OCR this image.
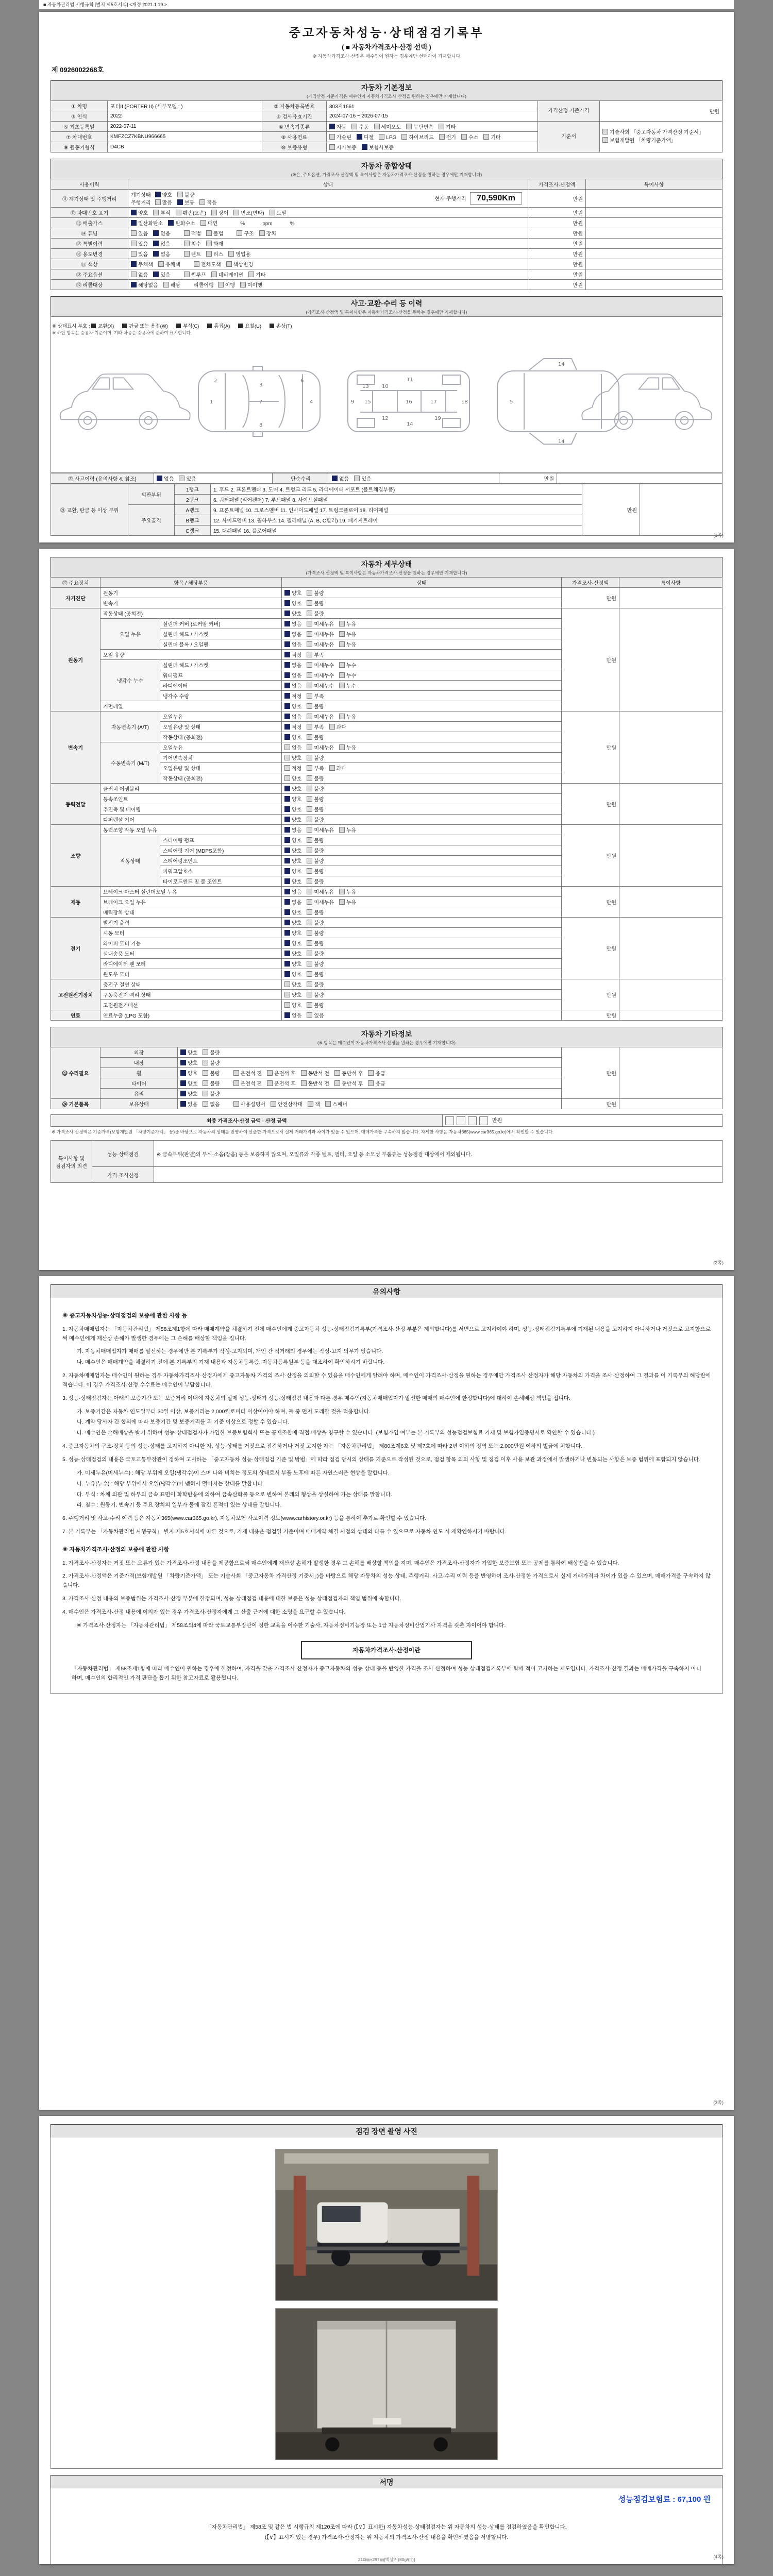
■ 자동차관리법 시행규칙 [별지 제5호서식] <개정 2021.1.19.>
중고자동차성능·상태점검기록부
( ■ 자동차가격조사·산정 선택 )
※ 자동차가격조사·산정은 매수인이 원하는 경우에만 선택하여 기재합니다
제 0926002268호
자동차 기본정보
(가격산정 기준가격은 매수인이 자동차가격조사·산정을 원하는 경우에만 기재합니다)
① 차명	포터II (PORTER II) (세부모델 : )	② 자동차등록번호	803저1661	가격산정 기준가격	만원
③ 연식	2022	④ 검사유효기간	2024-07-16 ~ 2026-07-15		
⑤ 최초등록일	2022-07-11	⑥ 변속기종류	자동 수동 세미오토 무단변속 기타	기준서	기술사회 「중고자동차 가격산정 기준서」보험개발원 「차량기준가액」
⑦ 차대번호	KMFZCZ7KBNU966665	⑧ 사용연료	가솔린 디젤 LPG 하이브리드 전기 수소 기타		
⑨ 원동기형식	D4CB	⑩ 보증유형	자가보증 보험사보증		
자동차 종합상태
(※은, 주요옵션, 가격조사·산정액 및 특이사항은 자동차가격조사·산정을 원하는 경우에만 기재합니다)
사용이력	상태	가격조사·산정액	특이사항
⑪ 계기상태 및 주행거리	계기상태 양호 불량
주행거리 많음 보통 적음
현재 주행거리 70,590Km	만원	
⑫ 차대번호 표기	양호 부식 훼손(오손) 상이 변조(변타) 도말	만원	
⑬ 배출가스	일산화탄소 탄화수소 매연 % ppm %	만원	
⑭ 튜닝	있음 없음 적법 불법 구조 장치	만원	
⑮ 특별이력	있음 없음 침수 화재	만원	
⑯ 용도변경	있음 없음 렌트 리스 영업용	만원	
⑰ 색상	무채색 유채색 전체도색 색상변경	만원	
⑱ 주요옵션	없음 있음 썬루프 네비게이션 기타	만원	
⑲ 리콜대상	해당없음 해당 리콜이행 이행 미이행	만원	
사고·교환·수리 등 이력
(가격조사·산정액 및 특이사항은 자동차가격조사·산정을 원하는 경우에만 기재합니다)
※ 상태표시 부호 : 교환(X)	판금 또는 용접(W)	부식(C)	흠집(A)	요철(U)	손상(T)
※ 하단 항목은 승용차 기준이며, 기타 차종은 승용차에 준하여 표시합니다.
1
2
3
4
6
7
8
9
10
11
12
13
14
15	16	17	18
19
5
14
14
⑳ 사고이력 (유의사항 4. 참조)	없음 있음	단순수리	없음 있음	만원	
㉑ 교환, 판금 등 이상 부위	외판부위	1랭크	1. 후드 2. 프론트펜더 3. 도어 4. 트렁크 리드 5. 라디에이터 서포트 (볼트체결부품)	만원	
		2랭크	6. 쿼터패널 (리어펜더) 7. 루프패널 8. 사이드실패널		
	주요골격	A랭크	9. 프론트패널 10. 크로스멤버 11. 인사이드패널 17. 트렁크플로어 18. 리어패널		
		B랭크	12. 사이드멤버 13. 휠하우스 14. 필러패널 (A, B, C필러) 19. 패키지트레이		
		C랭크	15. 대쉬패널 16. 플로어패널		
(1쪽)
자동차 세부상태
(가격조사·산정액 및 특이사항은 자동차가격조사·산정을 원하는 경우에만 기재합니다)
㉒ 주요장치	항목 / 해당부품		상태	가격조사·산정액	특이사항
자기진단	원동기		양호 불량	만원	
	변속기		양호 불량		
원동기	작동상태 (공회전)		양호 불량	만원	
	오일 누유	실린더 커버 (로커암 커버)	없음 미세누유 누유		
		실린더 헤드 / 가스켓	없음 미세누유 누유		
		실린더 블록 / 오일팬	없음 미세누유 누유		
	오일 유량		적정 부족		
	냉각수 누수	실린더 헤드 / 가스켓	없음 미세누수 누수		
		워터펌프	없음 미세누수 누수		
		라디에이터	없음 미세누수 누수		
		냉각수 수량	적정 부족		
	커먼레일		양호 불량		
변속기	자동변속기 (A/T)	오일누유	없음 미세누유 누유	만원	
		오일유량 및 상태	적정 부족 과다		
		작동상태 (공회전)	양호 불량		
	수동변속기 (M/T)	오일누유	없음 미세누유 누유		
		기어변속장치	양호 불량		
		오일유량 및 상태	적정 부족 과다		
		작동상태 (공회전)	양호 불량		
동력전달	클러치 어셈블리		양호 불량	만원	
	등속조인트		양호 불량		
	추진축 및 베어링		양호 불량		
	디퍼렌셜 기어		양호 불량		
조향	동력조향 작동 오일 누유		없음 미세누유 누유	만원	
	작동상태	스티어링 펌프	양호 불량		
		스티어링 기어 (MDPS포함)	양호 불량		
		스티어링조인트	양호 불량		
		파워고압호스	양호 불량		
		타이로드엔드 및 볼 조인트	양호 불량		
제동	브레이크 마스터 실린더오일 누유		없음 미세누유 누유	만원	
	브레이크 오일 누유		없음 미세누유 누유		
	배력장치 상태		양호 불량		
전기	발전기 출력		양호 불량	만원	
	시동 모터		양호 불량		
	와이퍼 모터 기능		양호 불량		
	실내송풍 모터		양호 불량		
	라디에이터 팬 모터		양호 불량		
	윈도우 모터		양호 불량		
고전원전기장치	충전구 절연 상태		양호 불량	만원	
	구동축전지 격리 상태		양호 불량		
	고전원전기배선		양호 불량		
연료	연료누출 (LPG 포함)		없음 있음	만원	
자동차 기타정보
(※ 항목은 매수인이 자동차가격조사·산정을 원하는 경우에만 기재합니다)
㉓ 수리필요	외장	양호 불량	만원	
	내장	양호 불량		
	휠	양호 불량 운전석 전 운전석 후 동반석 전 동반석 후 응급		
	타이어	양호 불량 운전석 전 운전석 후 동반석 전 동반석 후 응급		
	유리	양호 불량		
㉔ 기본품목	보유상태	있음 없음 사용설명서 안전삼각대 잭 스패너	만원	
최종 가격조사·산정 금액 · 산정 금액	만원
※ 가격조사·산정액은 기준가격(보험개발원 「차량기준가액」 등)을 바탕으로 자동차의 상태를 반영하여 산출한 가격으로서 실제 거래가격과 차이가 있을 수 있으며, 매매가격을 구속하지 않습니다. 자세한 사항은 자동차365(www.car365.go.kr)에서 확인할 수 있습니다.
특이사항 및 점검자의 의견	성능·상태점검	※ 금속부위(판넬)의 부식·소음(잡음) 등은 보증하지 않으며, 오일류와 각종 벨트, 필터, 오일 등 소모성 부품류는 성능점검 대상에서 제외됩니다.
	가격·조사산정	
(2쪽)
유의사항
※ 중고자동차성능·상태점검의 보증에 관한 사항 등
1. 자동차매매업자는 「자동차관리법」 제58조제1항에 따라 매매계약을 체결하기 전에 매수인에게 중고자동차 성능·상태점검기록부(가격조사·산정 부분은 제외합니다)를 서면으로 고지하여야 하며, 성능·상태점검기록부에 기재된 내용을 고지하지 아니하거나 거짓으로 고지함으로써 매수인에게 재산상 손해가 발생한 경우에는 그 손해를 배상할 책임을 집니다.
가. 자동차매매업자가 매매를 알선하는 경우에만 본 기록부가 작성·고지되며, 개인 간 직거래의 경우에는 작성·고지 의무가 없습니다.
나. 매수인은 매매계약을 체결하기 전에 본 기록부의 기재 내용과 자동차등록증, 자동차등록원부 등을 대조하여 확인하시기 바랍니다.
2. 자동차매매업자는 매수인이 원하는 경우 자동차가격조사·산정자에게 중고자동차 가격의 조사·산정을 의뢰할 수 있음을 매수인에게 알려야 하며, 매수인이 가격조사·산정을 원하는 경우에만 가격조사·산정자가 해당 자동차의 가격을 조사·산정하여 그 결과를 이 기록부의 해당란에 적습니다. 이 경우 가격조사·산정 수수료는 매수인이 부담합니다.
3. 성능·상태점검자는 아래의 보증기간 또는 보증거리 이내에 자동차의 실제 성능·상태가 성능·상태점검 내용과 다른 경우 매수인(자동차매매업자가 알선한 매매의 매수인에 한정합니다)에 대하여 손해배상 책임을 집니다.
가. 보증기간은 자동차 인도일부터 30일 이상, 보증거리는 2,000킬로미터 이상이어야 하며, 둘 중 먼저 도래한 것을 적용합니다.
나. 계약 당사자 간 합의에 따라 보증기간 및 보증거리를 위 기준 이상으로 정할 수 있습니다.
다. 매수인은 손해배상을 받기 위하여 성능·상태점검자가 가입한 보증보험회사 또는 공제조합에 직접 배상을 청구할 수 있습니다. (보험가입 여부는 본 기록부의 성능점검보험료 기재 및 보험가입증명서로 확인할 수 있습니다.)
4. 중고자동차의 구조·장치 등의 성능·상태를 고지하지 아니한 자, 성능·상태를 거짓으로 점검하거나 거짓 고지한 자는 「자동차관리법」 제80조제6호 및 제7호에 따라 2년 이하의 징역 또는 2,000만원 이하의 벌금에 처합니다.
5. 성능·상태점검의 내용은 국토교통부장관이 정하여 고시하는 「중고자동차 성능·상태점검 기준 및 방법」에 따라 점검 당시의 상태를 기준으로 작성된 것으로, 점검 항목 외의 사항 및 점검 이후 사용·보관 과정에서 발생하거나 변동되는 사항은 보증 범위에 포함되지 않습니다.
가. 미세누유(미세누수) : 해당 부위에 오일(냉각수)이 스며 나와 비치는 정도의 상태로서 부품 노후에 따른 자연스러운 현상을 말합니다.
나. 누유(누수) : 해당 부위에서 오일(냉각수)이 맺혀서 떨어지는 상태를 말합니다.
다. 부식 : 차체 외판 및 하부의 금속 표면이 화학반응에 의하여 금속산화물 등으로 변하여 본래의 형상을 상실하여 가는 상태를 말합니다.
라. 침수 : 원동기, 변속기 등 주요 장치의 일부가 물에 잠긴 흔적이 있는 상태를 말합니다.
6. 주행거리 및 사고·수리 이력 등은 자동차365(www.car365.go.kr), 자동차보험 사고이력 정보(www.carhistory.or.kr) 등을 통하여 추가로 확인할 수 있습니다.
7. 본 기록부는 「자동차관리법 시행규칙」 별지 제5호서식에 따른 것으로, 기재 내용은 점검일 기준이며 매매계약 체결 시점의 상태와 다를 수 있으므로 자동차 인도 시 재확인하시기 바랍니다.
※ 자동차가격조사·산정의 보증에 관한 사항
1. 가격조사·산정자는 거짓 또는 오류가 있는 가격조사·산정 내용을 제공함으로써 매수인에게 재산상 손해가 발생한 경우 그 손해를 배상할 책임을 지며, 매수인은 가격조사·산정자가 가입한 보증보험 또는 공제를 통하여 배상받을 수 있습니다.
2. 가격조사·산정액은 기준가격(보험개발원 「차량기준가액」 또는 기술사회 「중고자동차 가격산정 기준서」)을 바탕으로 해당 자동차의 성능·상태, 주행거리, 사고·수리 이력 등을 반영하여 조사·산정한 가격으로서 실제 거래가격과 차이가 있을 수 있으며, 매매가격을 구속하지 않습니다.
3. 가격조사·산정 내용의 보증범위는 가격조사·산정 부분에 한정되며, 성능·상태점검 내용에 대한 보증은 성능·상태점검자의 책임 범위에 속합니다.
4. 매수인은 가격조사·산정 내용에 이의가 있는 경우 가격조사·산정자에게 그 산출 근거에 대한 소명을 요구할 수 있습니다.
※ 가격조사·산정자는 「자동차관리법」 제58조의4에 따라 국토교통부장관이 정한 교육을 이수한 기술사, 자동차정비기능장 또는 1급 자동차정비산업기사 자격을 갖춘 자이어야 합니다.
자동차가격조사·산정이란
「자동차관리법」 제58조제1항에 따라 매수인이 원하는 경우에 한정하여, 자격을 갖춘 가격조사·산정자가 중고자동차의 성능·상태 등을 반영한 가격을 조사·산정하여 성능·상태점검기록부에 함께 적어 고지하는 제도입니다. 가격조사·산정 결과는 매매가격을 구속하지 아니하며, 매수인의 합리적인 가격 판단을 돕기 위한 참고자료로 활용됩니다.
(3쪽)
점검 장면 촬영 사진
서명
성능점검보험료 : 67,100 원
「자동차관리법」 제58조 및 같은 법 시행규칙 제120조에 따라 (【∨】표시한) 자동차성능·상태점검자는 위 자동차의 성능·상태를 점검하였음을 확인합니다.
(【∨】표시가 있는 경우) 가격조사·산정자는 위 자동차의 가격조사·산정 내용을 확인하였음을 서명합니다.
210㎜×297㎜[백상지(80g/㎡)]	(4쪽)
